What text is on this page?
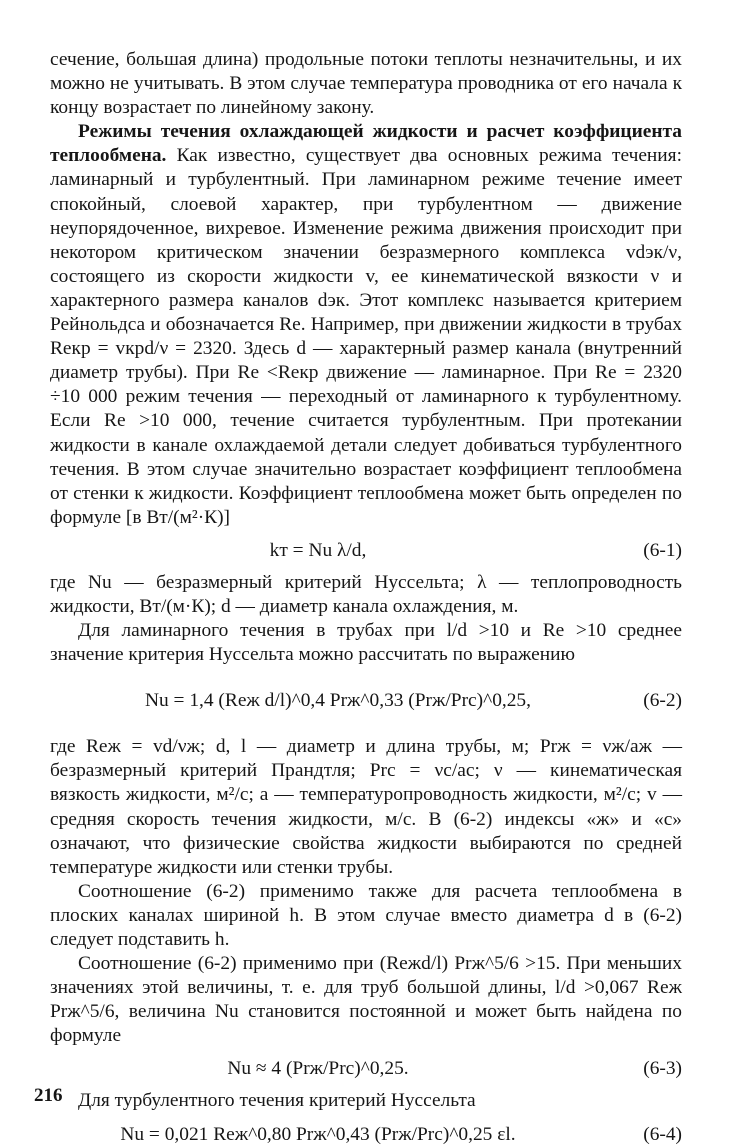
сечение, большая длина) продольные потоки теплоты незначительны, и их можно не учитывать. В этом случае температура проводника от его начала к концу возрастает по линейному закону.

Режимы течения охлаждающей жидкости и расчет коэффициента теплообмена. Как известно, существует два основных режима течения: ламинарный и турбулентный. При ламинарном режиме течение имеет спокойный, слоевой характер, при турбулентном — движение неупорядоченное, вихревое. Изменение режима движения происходит при некотором критическом значении безразмерного комплекса vdэк/ν, состоящего из скорости жидкости v, ее кинематической вязкости ν и характерного размера каналов dэк. Этот комплекс называется критерием Рейнольдса и обозначается Re. Например, при движении жидкости в трубах Reкр = vкрd/ν = 2320. Здесь d — характерный размер канала (внутренний диаметр трубы). При Re <Reкр движение — ламинарное. При Re = 2320 ÷10 000 режим течения — переходный от ламинарного к турбулентному. Если Re >10 000, течение считается турбулентным. При протекании жидкости в канале охлаждаемой детали следует добиваться турбулентного течения. В этом случае значительно возрастает коэффициент теплообмена от стенки к жидкости. Коэффициент теплообмена может быть определен по формуле [в Вт/(м²·К)]

kт = Nu λ/d,	(6-1)

где Nu — безразмерный критерий Нуссельта; λ — теплопроводность жидкости, Вт/(м·К); d — диаметр канала охлаждения, м.

Для ламинарного течения в трубах при l/d >10 и Re >10 среднее значение критерия Нуссельта можно рассчитать по выражению

Nu = 1,4 (Reж d/l)^0,4 Prж^0,33 (Prж/Prс)^0,25,	(6-2)

где Reж = vd/νж; d, l — диаметр и длина трубы, м; Prж = νж/aж — безразмерный критерий Прандтля; Prс = νс/aс; ν — кинематическая вязкость жидкости, м²/с; a — температуропроводность жидкости, м²/с; v — средняя скорость течения жидкости, м/с. В (6-2) индексы «ж» и «с» означают, что физические свойства жидкости выбираются по средней температуре жидкости или стенки трубы.

Соотношение (6-2) применимо также для расчета теплообмена в плоских каналах шириной h. В этом случае вместо диаметра d в (6-2) следует подставить h.

Соотношение (6-2) применимо при (Reжd/l) Prж^5/6 >15. При меньших значениях этой величины, т. е. для труб большой длины, l/d >0,067 Reж Prж^5/6, величина Nu становится постоянной и может быть найдена по формуле

Nu ≈ 4 (Prж/Prс)^0,25.	(6-3)

Для турбулентного течения критерий Нуссельта

Nu = 0,021 Reж^0,80 Prж^0,43 (Prж/Prс)^0,25 εl.	(6-4)
216
